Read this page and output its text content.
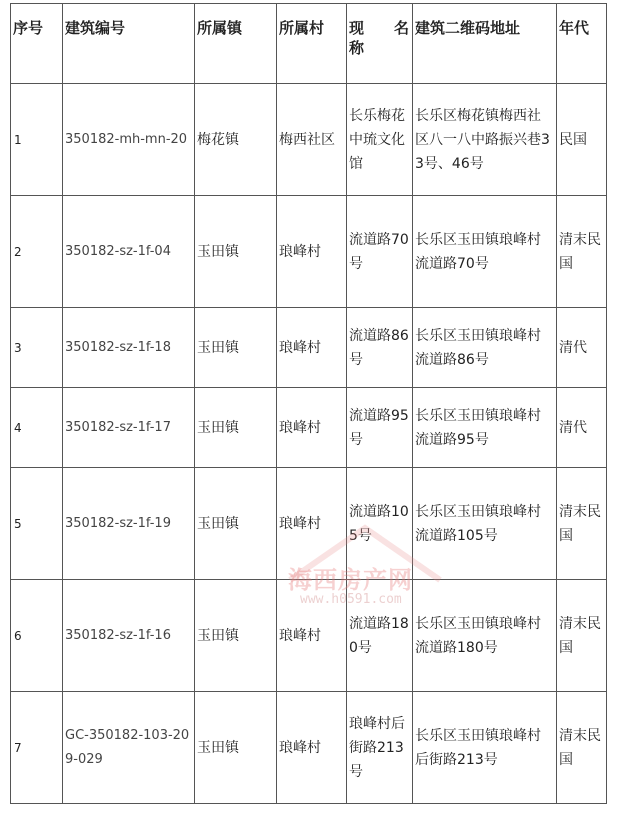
序号	建筑编号	所属镇	所属村	现　　名称	建筑二维码地址	年代
1	350182-mh-mn-20	梅花镇	梅西社区	长乐梅花中琉文化馆	长乐区梅花镇梅西社区八一八中路振兴巷33号、46号	民国
2	350182-sz-1f-04	玉田镇	琅峰村	流道路70号	长乐区玉田镇琅峰村流道路70号	清末民国
3	350182-sz-1f-18	玉田镇	琅峰村	流道路86号	长乐区玉田镇琅峰村流道路86号	清代
4	350182-sz-1f-17	玉田镇	琅峰村	流道路95号	长乐区玉田镇琅峰村流道路95号	清代
5	350182-sz-1f-19	玉田镇	琅峰村	流道路105号	长乐区玉田镇琅峰村流道路105号	清末民国
6	350182-sz-1f-16	玉田镇	琅峰村	流道路180号	长乐区玉田镇琅峰村流道路180号	清末民国
7	GC-350182-103-209-029	玉田镇	琅峰村	琅峰村后街路213号	长乐区玉田镇琅峰村后街路213号	清末民国
海西房产网
www.h0591.com
